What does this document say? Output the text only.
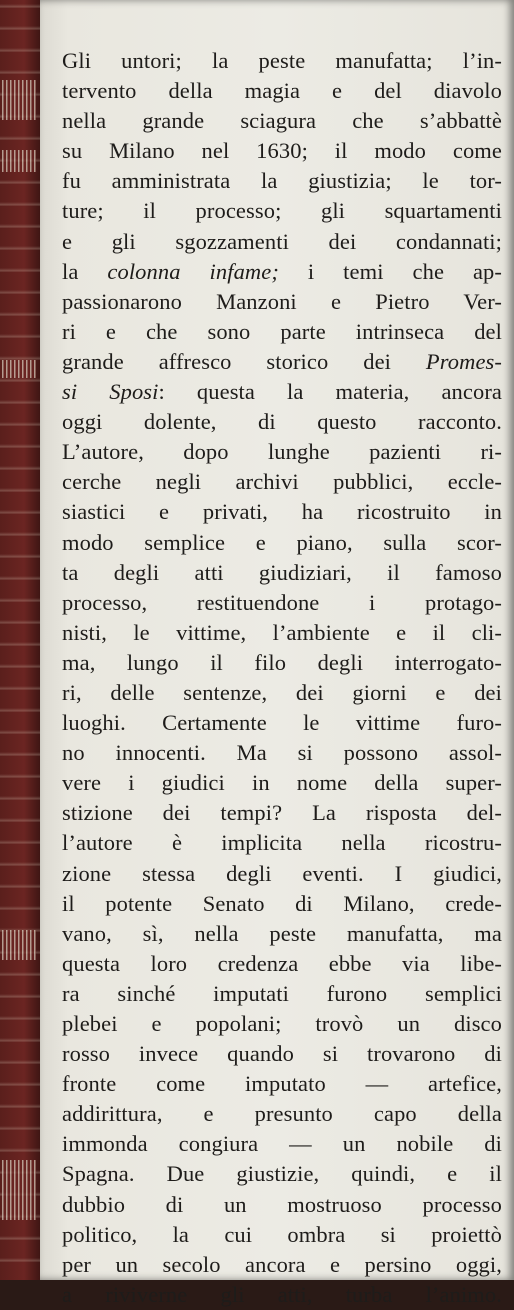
Gli untori; la peste manufatta; l’in-
tervento della magia e del diavolo
nella grande sciagura che s’abbattè
su Milano nel 1630; il modo come
fu amministrata la giustizia; le tor-
ture; il processo; gli squartamenti
e gli sgozzamenti dei condannati;
la colonna infame; i temi che ap-
passionarono Manzoni e Pietro Ver-
ri e che sono parte intrinseca del
grande affresco storico dei Promes-
si Sposi: questa la materia, ancora
oggi dolente, di questo racconto.
L’autore, dopo lunghe pazienti ri-
cerche negli archivi pubblici, eccle-
siastici e privati, ha ricostruito in
modo semplice e piano, sulla scor-
ta degli atti giudiziari, il famoso
processo, restituendone i protago-
nisti, le vittime, l’ambiente e il cli-
ma, lungo il filo degli interrogato-
ri, delle sentenze, dei giorni e dei
luoghi. Certamente le vittime furo-
no innocenti. Ma si possono assol-
vere i giudici in nome della super-
stizione dei tempi? La risposta del-
l’autore è implicita nella ricostru-
zione stessa degli eventi. I giudici,
il potente Senato di Milano, crede-
vano, sì, nella peste manufatta, ma
questa loro credenza ebbe via libe-
ra sinché imputati furono semplici
plebei e popolani; trovò un disco
rosso invece quando si trovarono di
fronte come imputato — artefice,
addirittura, e presunto capo della
immonda congiura — un nobile di
Spagna. Due giustizie, quindi, e il
dubbio di un mostruoso processo
politico, la cui ombra si proiettò
per un secolo ancora e persino oggi,
a riviverne gli atti, turba l’animo.
